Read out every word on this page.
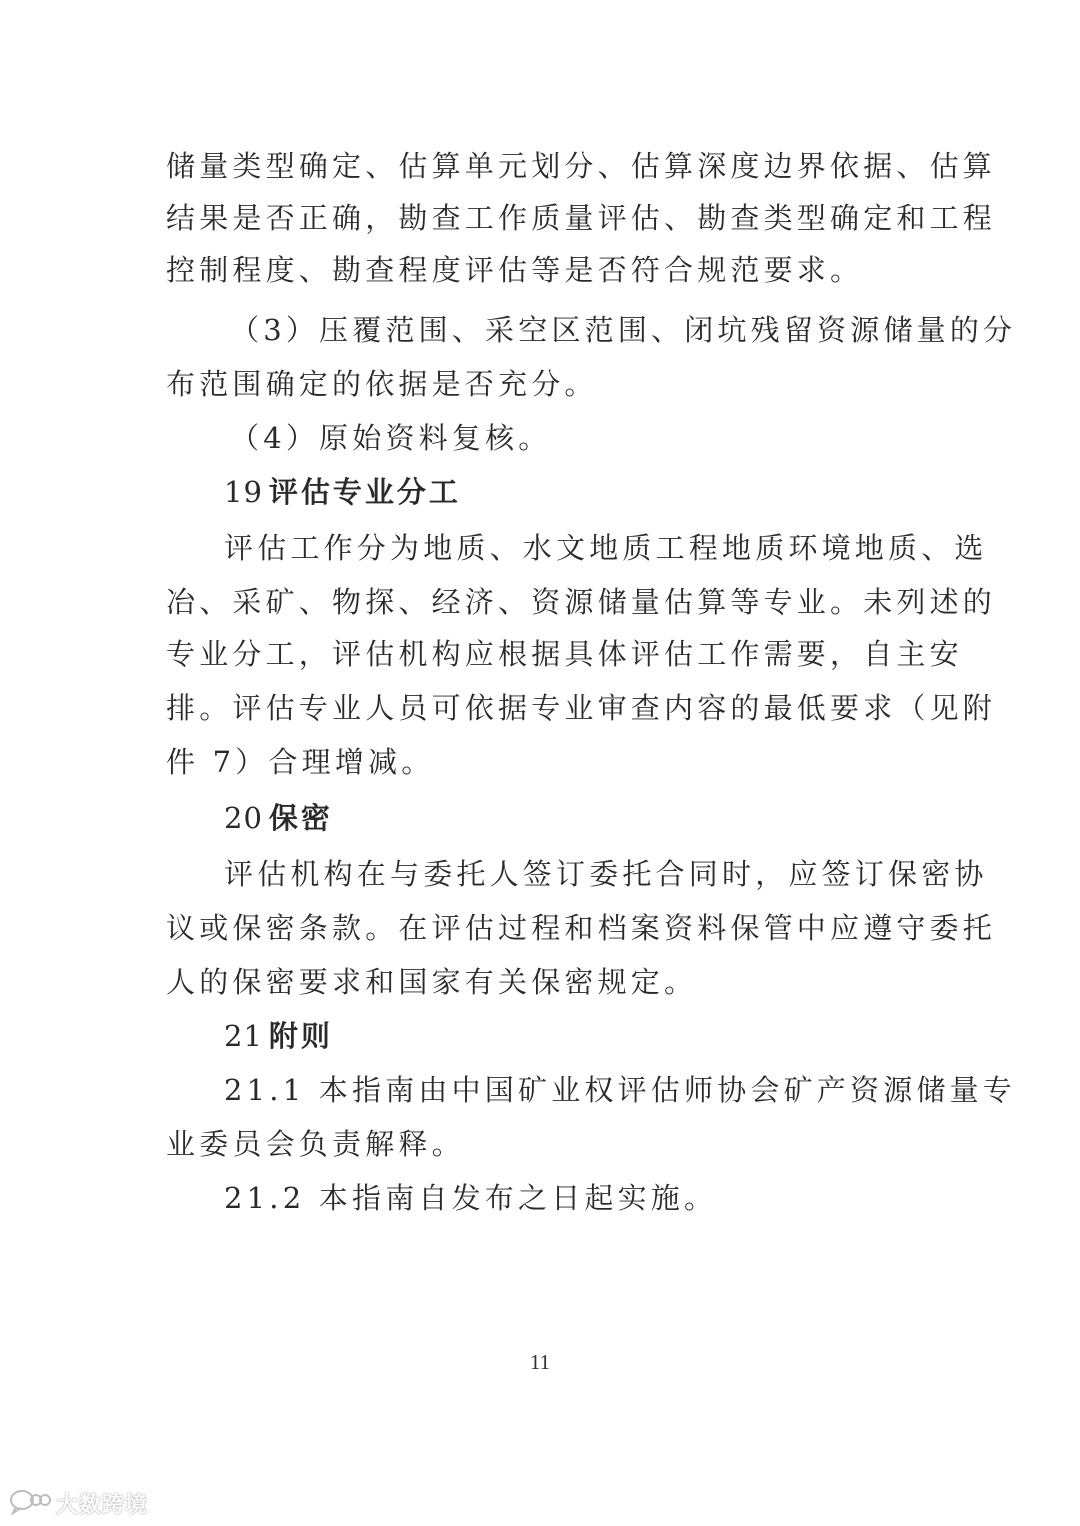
储量类型确定、估算单元划分、估算深度边界依据、估算
结果是否正确，勘查工作质量评估、勘查类型确定和工程
控制程度、勘查程度评估等是否符合规范要求。
（3）压覆范围、采空区范围、闭坑残留资源储量的分
布范围确定的依据是否充分。
（4）原始资料复核。
19 评估专业分工
评估工作分为地质、水文地质工程地质环境地质、选
冶、采矿、物探、经济、资源储量估算等专业。未列述的
专业分工，评估机构应根据具体评估工作需要，自主安
排。评估专业人员可依据专业审查内容的最低要求（见附
件 7）合理增减。
20 保密
评估机构在与委托人签订委托合同时，应签订保密协
议或保密条款。在评估过程和档案资料保管中应遵守委托
人的保密要求和国家有关保密规定。
21 附则
21.1 本指南由中国矿业权评估师协会矿产资源储量专
业委员会负责解释。
21.2 本指南自发布之日起实施。
11
大数跨境
